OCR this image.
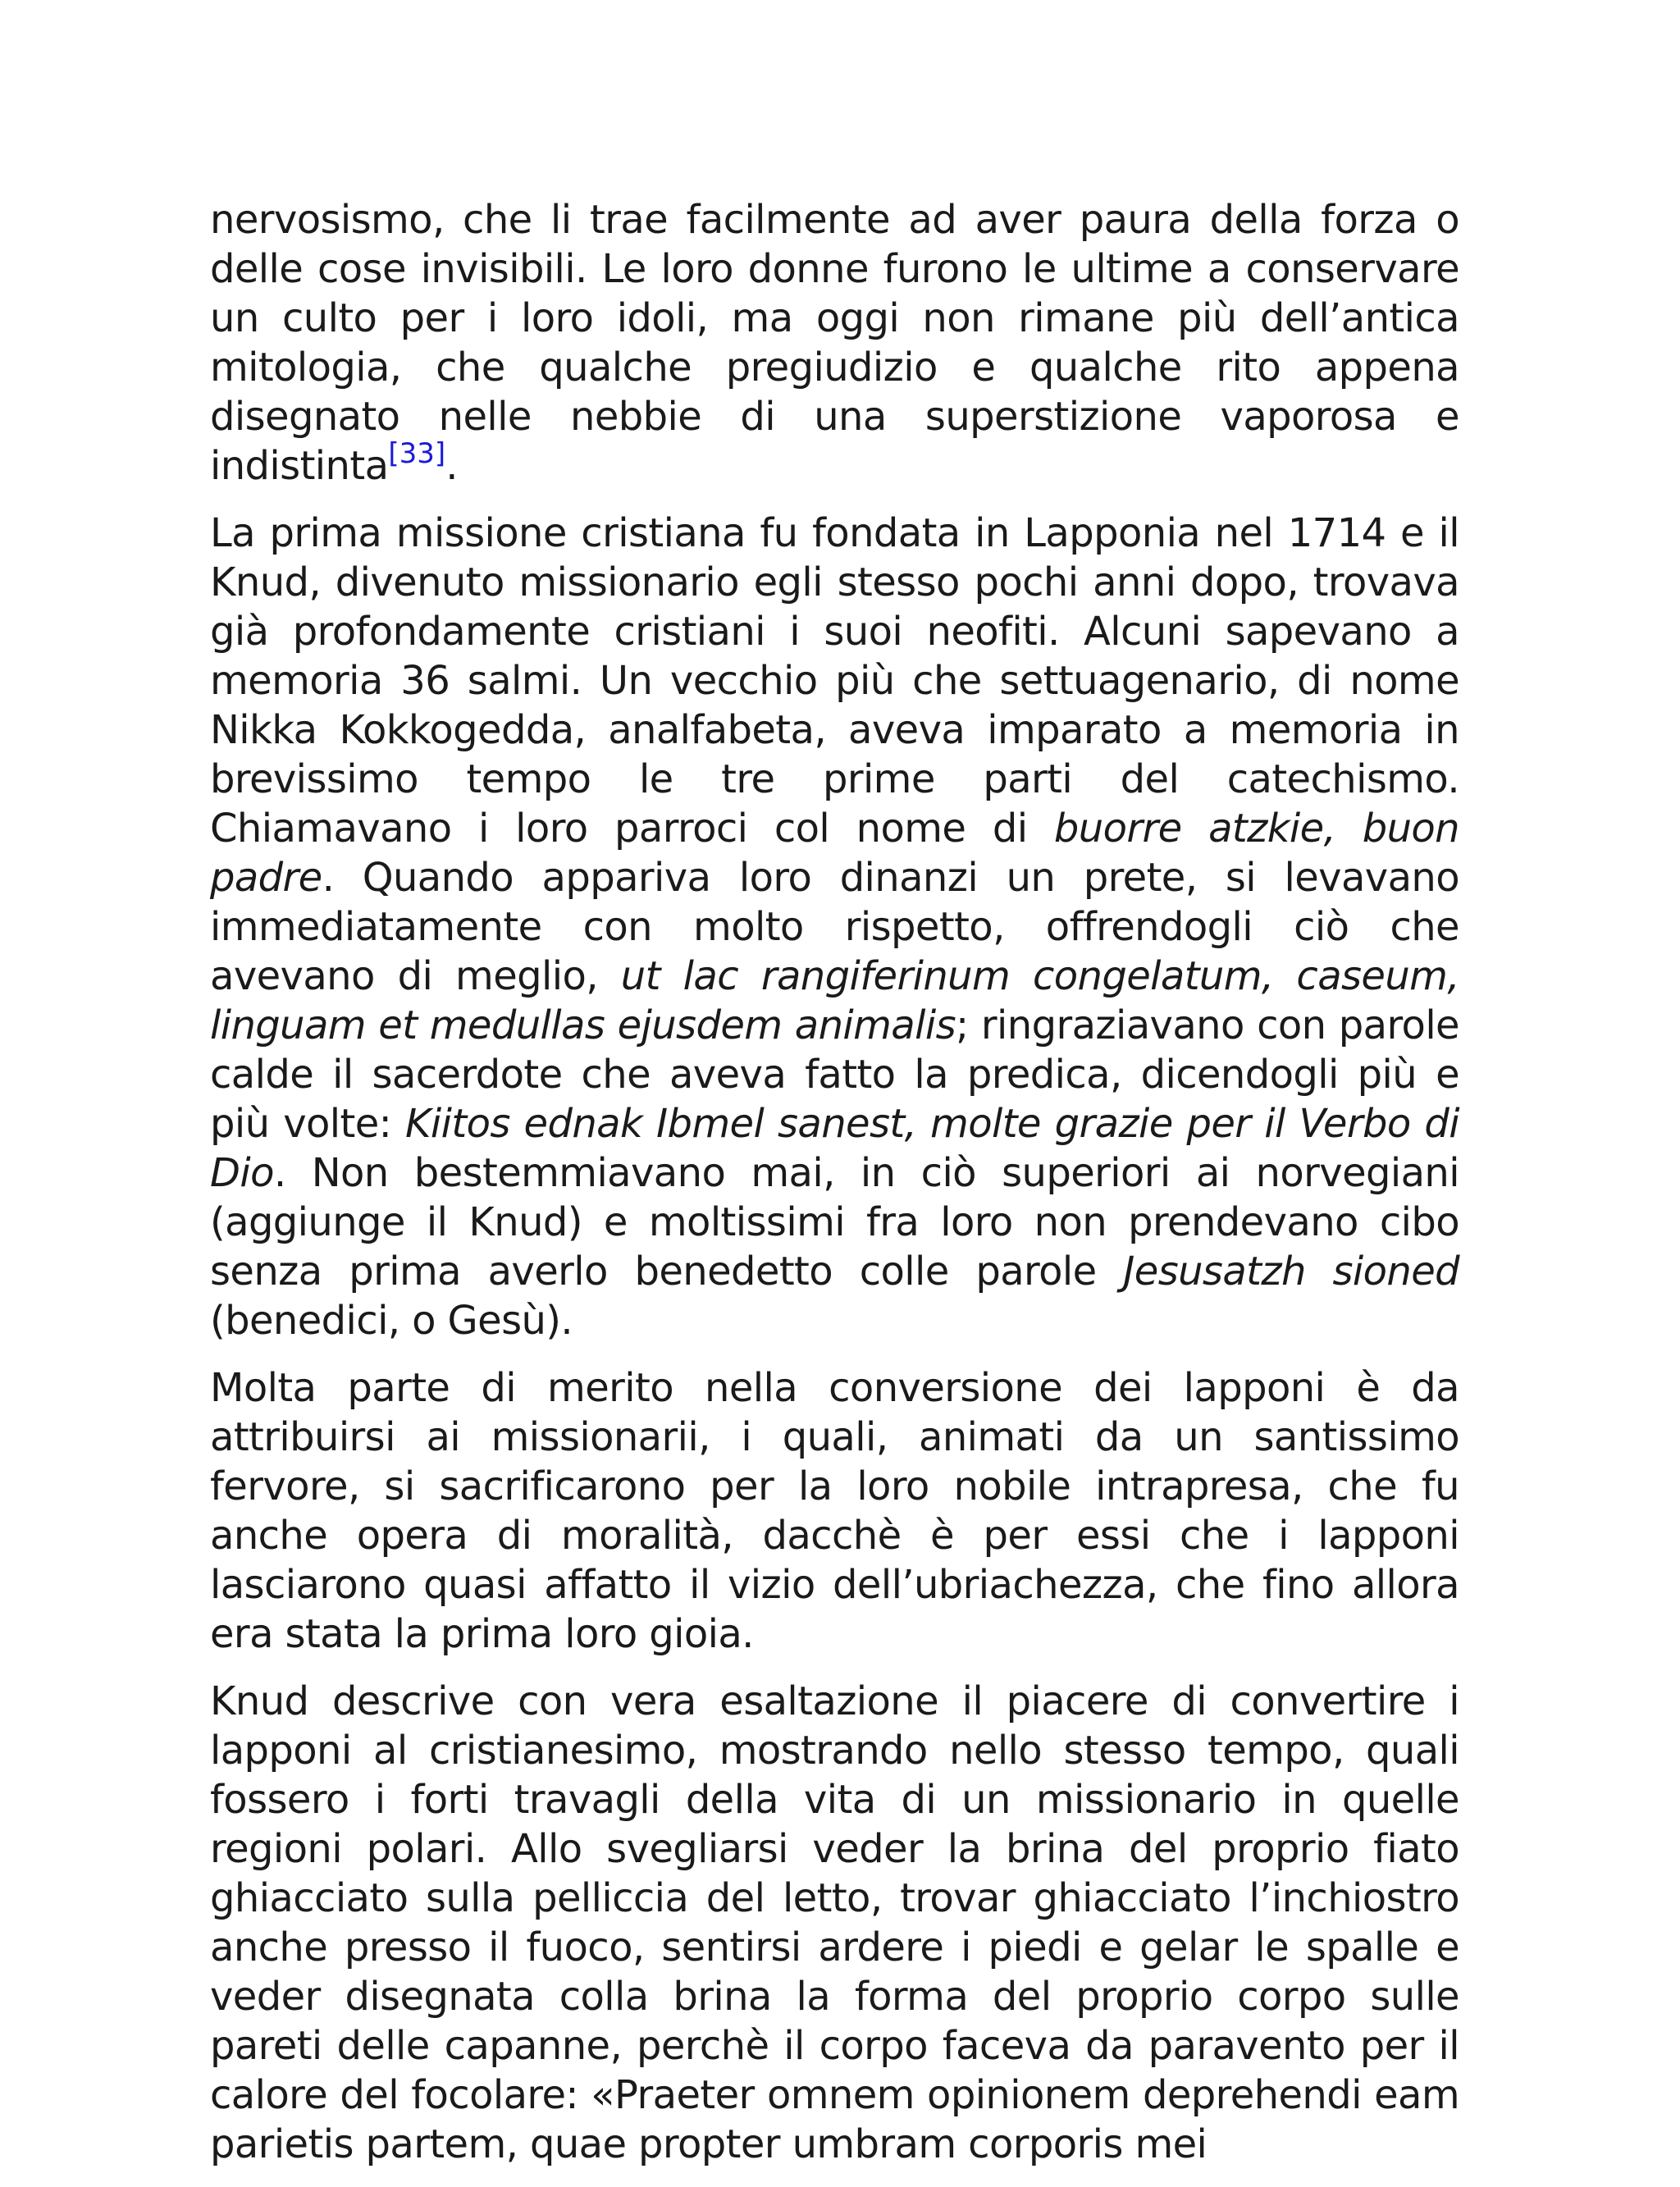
nervosismo, che li trae facilmente ad aver paura della forza o delle cose invisibili. Le loro donne furono le ultime a conservare un culto per i loro idoli, ma oggi non rimane più dell’antica mitologia, che qualche pregiudizio e qualche rito appena disegnato nelle nebbie di una superstizione vaporosa e indistinta[33].

La prima missione cristiana fu fondata in Lapponia nel 1714 e il Knud, divenuto missionario egli stesso pochi anni dopo, trovava già profondamente cristiani i suoi neofiti. Alcuni sapevano a memoria 36 salmi. Un vecchio più che settuagenario, di nome Nikka Kokkogedda, analfabeta, aveva imparato a memoria in brevissimo tempo le tre prime parti del catechismo. Chiamavano i loro parroci col nome di buorre atzkie, buon padre. Quando appariva loro dinanzi un prete, si levavano immediatamente con molto rispetto, offrendogli ciò che avevano di meglio, ut lac rangiferinum congelatum, caseum, linguam et medullas ejusdem animalis; ringraziavano con parole calde il sacerdote che aveva fatto la predica, dicendogli più e più volte: Kiitos ednak Ibmel sanest, molte grazie per il Verbo di Dio. Non bestemmiavano mai, in ciò superiori ai norvegiani (aggiunge il Knud) e moltissimi fra loro non prendevano cibo senza prima averlo benedetto colle parole Jesusatzh sioned (benedici, o Gesù).

Molta parte di merito nella conversione dei lapponi è da attribuirsi ai missionarii, i quali, animati da un santissimo fervore, si sacrificarono per la loro nobile intrapresa, che fu anche opera di moralità, dacchè è per essi che i lapponi lasciarono quasi affatto il vizio dell’ubriachezza, che fino allora era stata la prima loro gioia.

Knud descrive con vera esaltazione il piacere di convertire i lapponi al cristianesimo, mostrando nello stesso tempo, quali fossero i forti travagli della vita di un missionario in quelle regioni polari. Allo svegliarsi veder la brina del proprio fiato ghiacciato sulla pelliccia del letto, trovar ghiacciato l’inchiostro anche presso il fuoco, sentirsi ardere i piedi e gelar le spalle e veder disegnata colla brina la forma del proprio corpo sulle pareti delle capanne, perchè il corpo faceva da paravento per il calore del focolare: «Praeter omnem opinionem deprehendi eam parietis partem, quae propter umbram corporis mei
